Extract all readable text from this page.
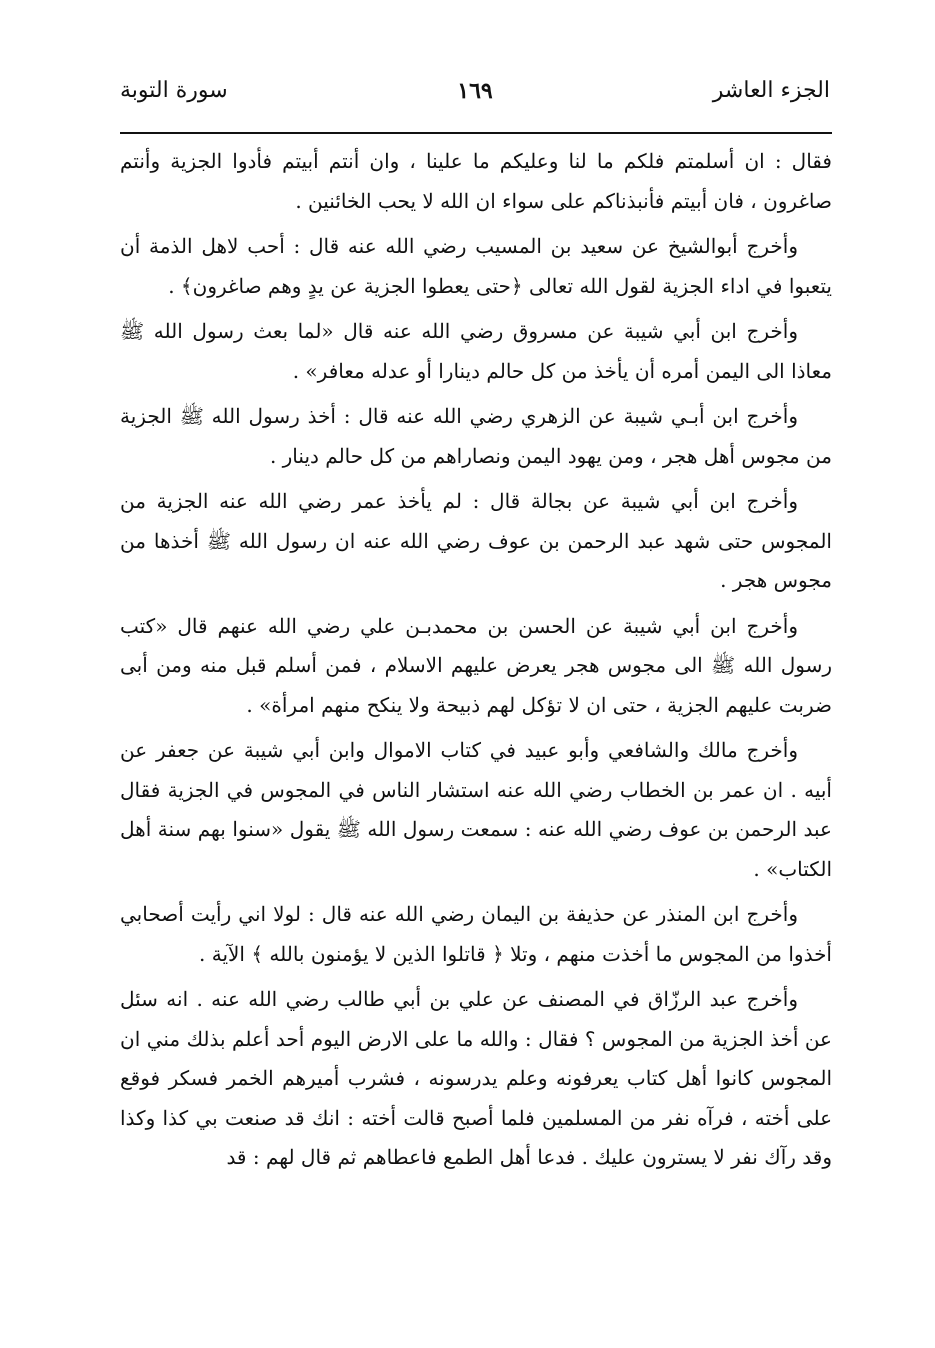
الجزء العاشر
١٦٩
سورة التوبة

فقال : ان أسلمتم فلكم ما لنا وعليكم ما علينا ، وان أنتم أبيتم فأدوا الجزية وأنتم صاغرون ، فان أبيتم فأنبذناكم على سواء ان الله لا يحب الخائنين .

وأخرج أبوالشيخ عن سعيد بن المسيب رضي الله عنه قال : أحب لاهل الذمة أن يتعبوا في اداء الجزية لقول الله تعالى ﴿حتى يعطوا الجزية عن يدٍ وهم صاغرون﴾ .

وأخرج ابن أبي شيبة عن مسروق رضي الله عنه قال «لما بعث رسول الله ﷺ معاذا الى اليمن أمره أن يأخذ من كل حالم دينارا أو عدله معافر» .

وأخرج ابن أبـي شيبة عن الزهري رضي الله عنه قال : أخذ رسول الله ﷺ الجزية من مجوس أهل هجر ، ومن يهود اليمن ونصاراهم من كل حالم دينار .

وأخرج ابن أبي شيبة عن بجالة قال : لم يأخذ عمر رضي الله عنه الجزية من المجوس حتى شهد عبد الرحمن بن عوف رضي الله عنه ان رسول الله ﷺ أخذها من مجوس هجر .

وأخرج ابن أبي شيبة عن الحسن بن محمدبـن علي رضي الله عنهم قال «كتب رسول الله ﷺ الى مجوس هجر يعرض عليهم الاسلام ، فمن أسلم قبل منه ومن أبى ضربت عليهم الجزية ، حتى ان لا تؤكل لهم ذبيحة ولا ينكح منهم امرأة» .

وأخرج مالك والشافعي وأبو عبيد في كتاب الاموال وابن أبي شيبة عن جعفر عن أبيه . ان عمر بن الخطاب رضي الله عنه استشار الناس في المجوس في الجزية فقال عبد الرحمن بن عوف رضي الله عنه : سمعت رسول الله ﷺ يقول «سنوا بهم سنة أهل الكتاب» .

وأخرج ابن المنذر عن حذيفة بن اليمان رضي الله عنه قال : لولا اني رأيت أصحابي أخذوا من المجوس ما أخذت منهم ، وتلا ﴿ قاتلوا الذين لا يؤمنون بالله ﴾ الآية .

وأخرج عبد الرزّاق في المصنف عن علي بن أبي طالب رضي الله عنه . انه سئل عن أخذ الجزية من المجوس ؟ فقال : والله ما على الارض اليوم أحد أعلم بذلك مني ان المجوس كانوا أهل كتاب يعرفونه وعلم يدرسونه ، فشرب أميرهم الخمر فسكر فوقع على أخته ، فرآه نفر من المسلمين فلما أصبح قالت أخته : انك قد صنعت بي كذا وكذا وقد رآك نفر لا يسترون عليك . فدعا أهل الطمع فاعطاهم ثم قال لهم : قد
